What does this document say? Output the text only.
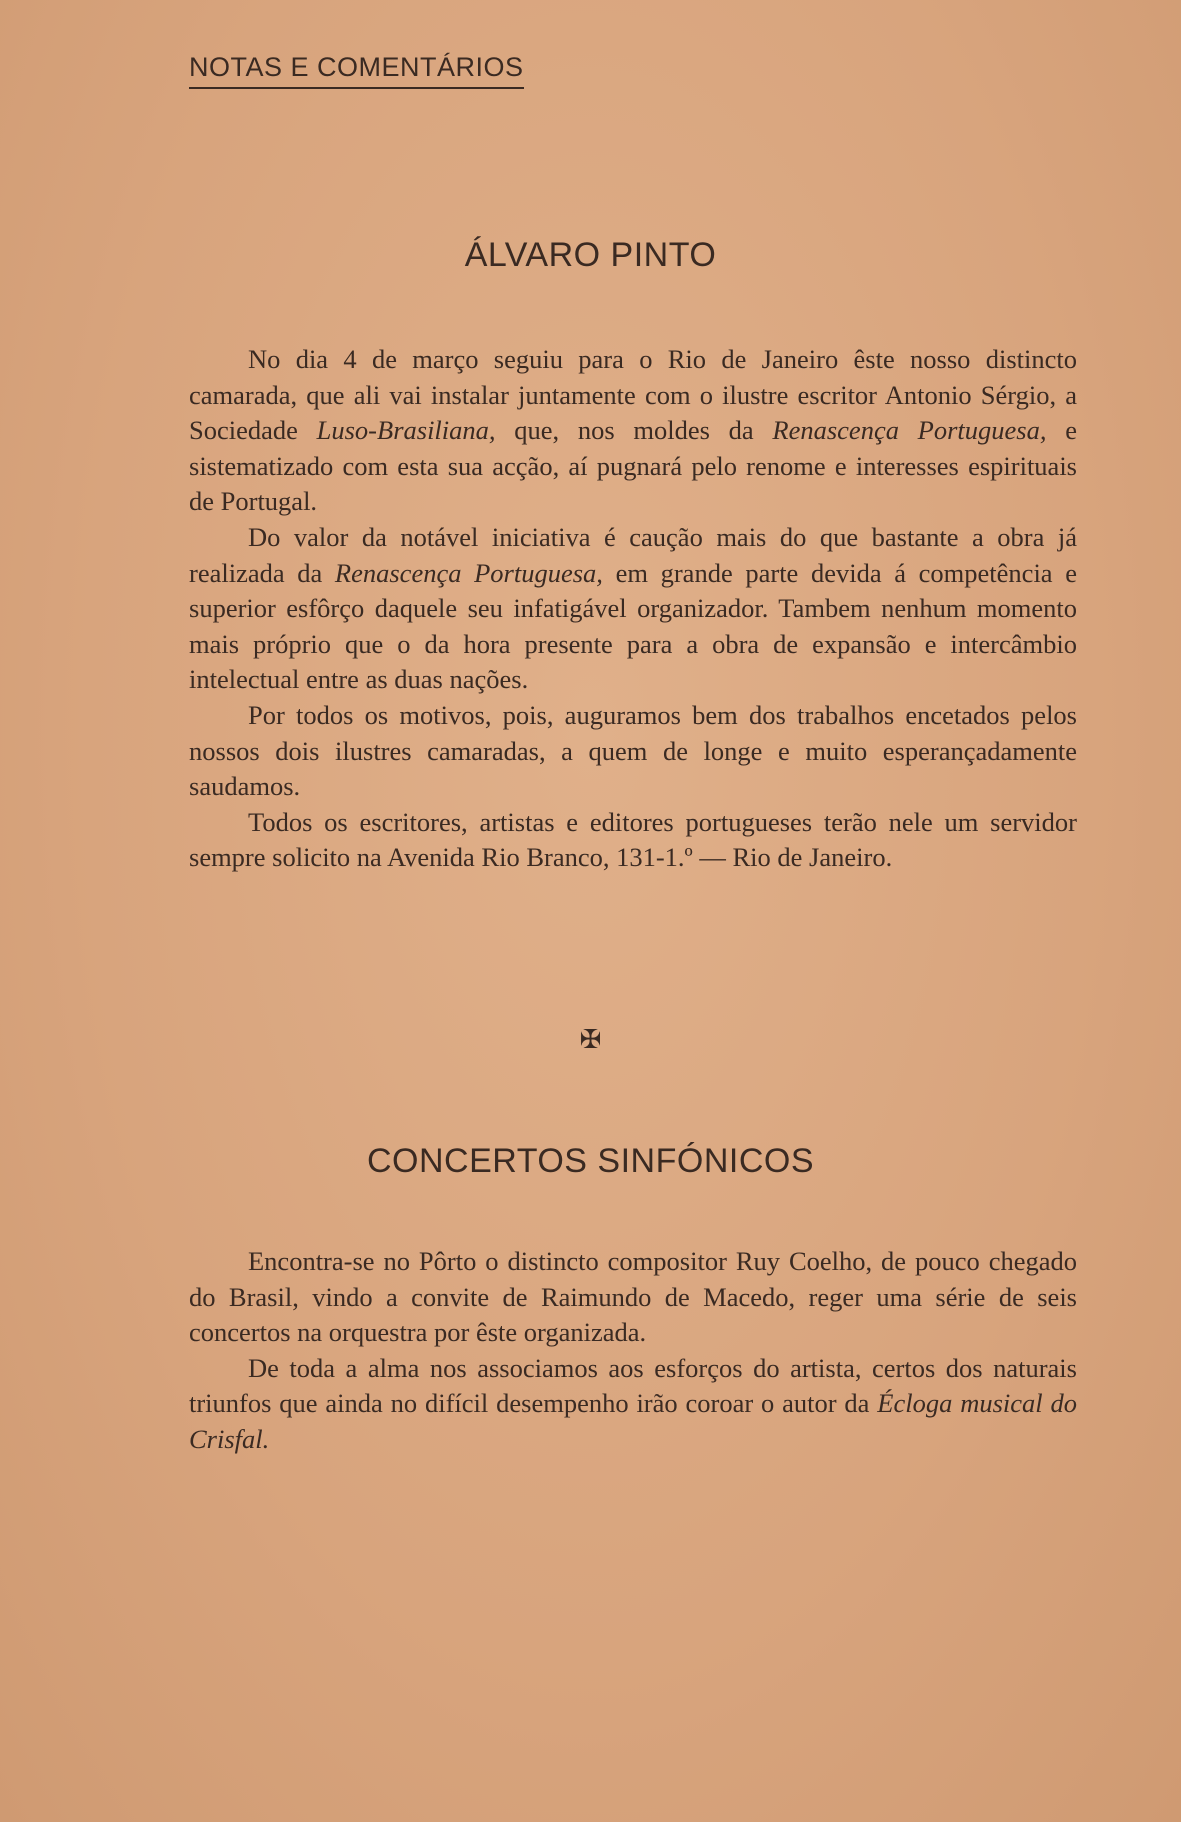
NOTAS E COMENTÁRIOS
ÁLVARO PINTO

No dia 4 de março seguiu para o Rio de Janeiro êste nosso distincto camarada, que ali vai instalar juntamente com o ilustre escritor Antonio Sérgio, a Sociedade Luso-Brasiliana, que, nos moldes da Renascença Portuguesa, e sistematizado com esta sua acção, aí pugnará pelo renome e interesses espirituais de Portugal.

Do valor da notável iniciativa é caução mais do que bastante a obra já realizada da Renascença Portuguesa, em grande parte devida á competência e superior esfôrço daquele seu infatigável organizador. Tambem nenhum momento mais próprio que o da hora presente para a obra de expansão e intercâmbio intelectual entre as duas nações.

Por todos os motivos, pois, auguramos bem dos trabalhos encetados pelos nossos dois ilustres camaradas, a quem de longe e muito esperançadamente saudamos.

Todos os escritores, artistas e editores portugueses terão nele um servidor sempre solicito na Avenida Rio Branco, 131-1.º — Rio de Janeiro.

✠
CONCERTOS SINFÓNICOS

Encontra-se no Pôrto o distincto compositor Ruy Coelho, de pouco chegado do Brasil, vindo a convite de Raimundo de Macedo, reger uma série de seis concertos na orquestra por êste organizada.

De toda a alma nos associamos aos esforços do artista, certos dos naturais triunfos que ainda no difícil desempenho irão coroar o autor da Écloga musical do Crisfal.
